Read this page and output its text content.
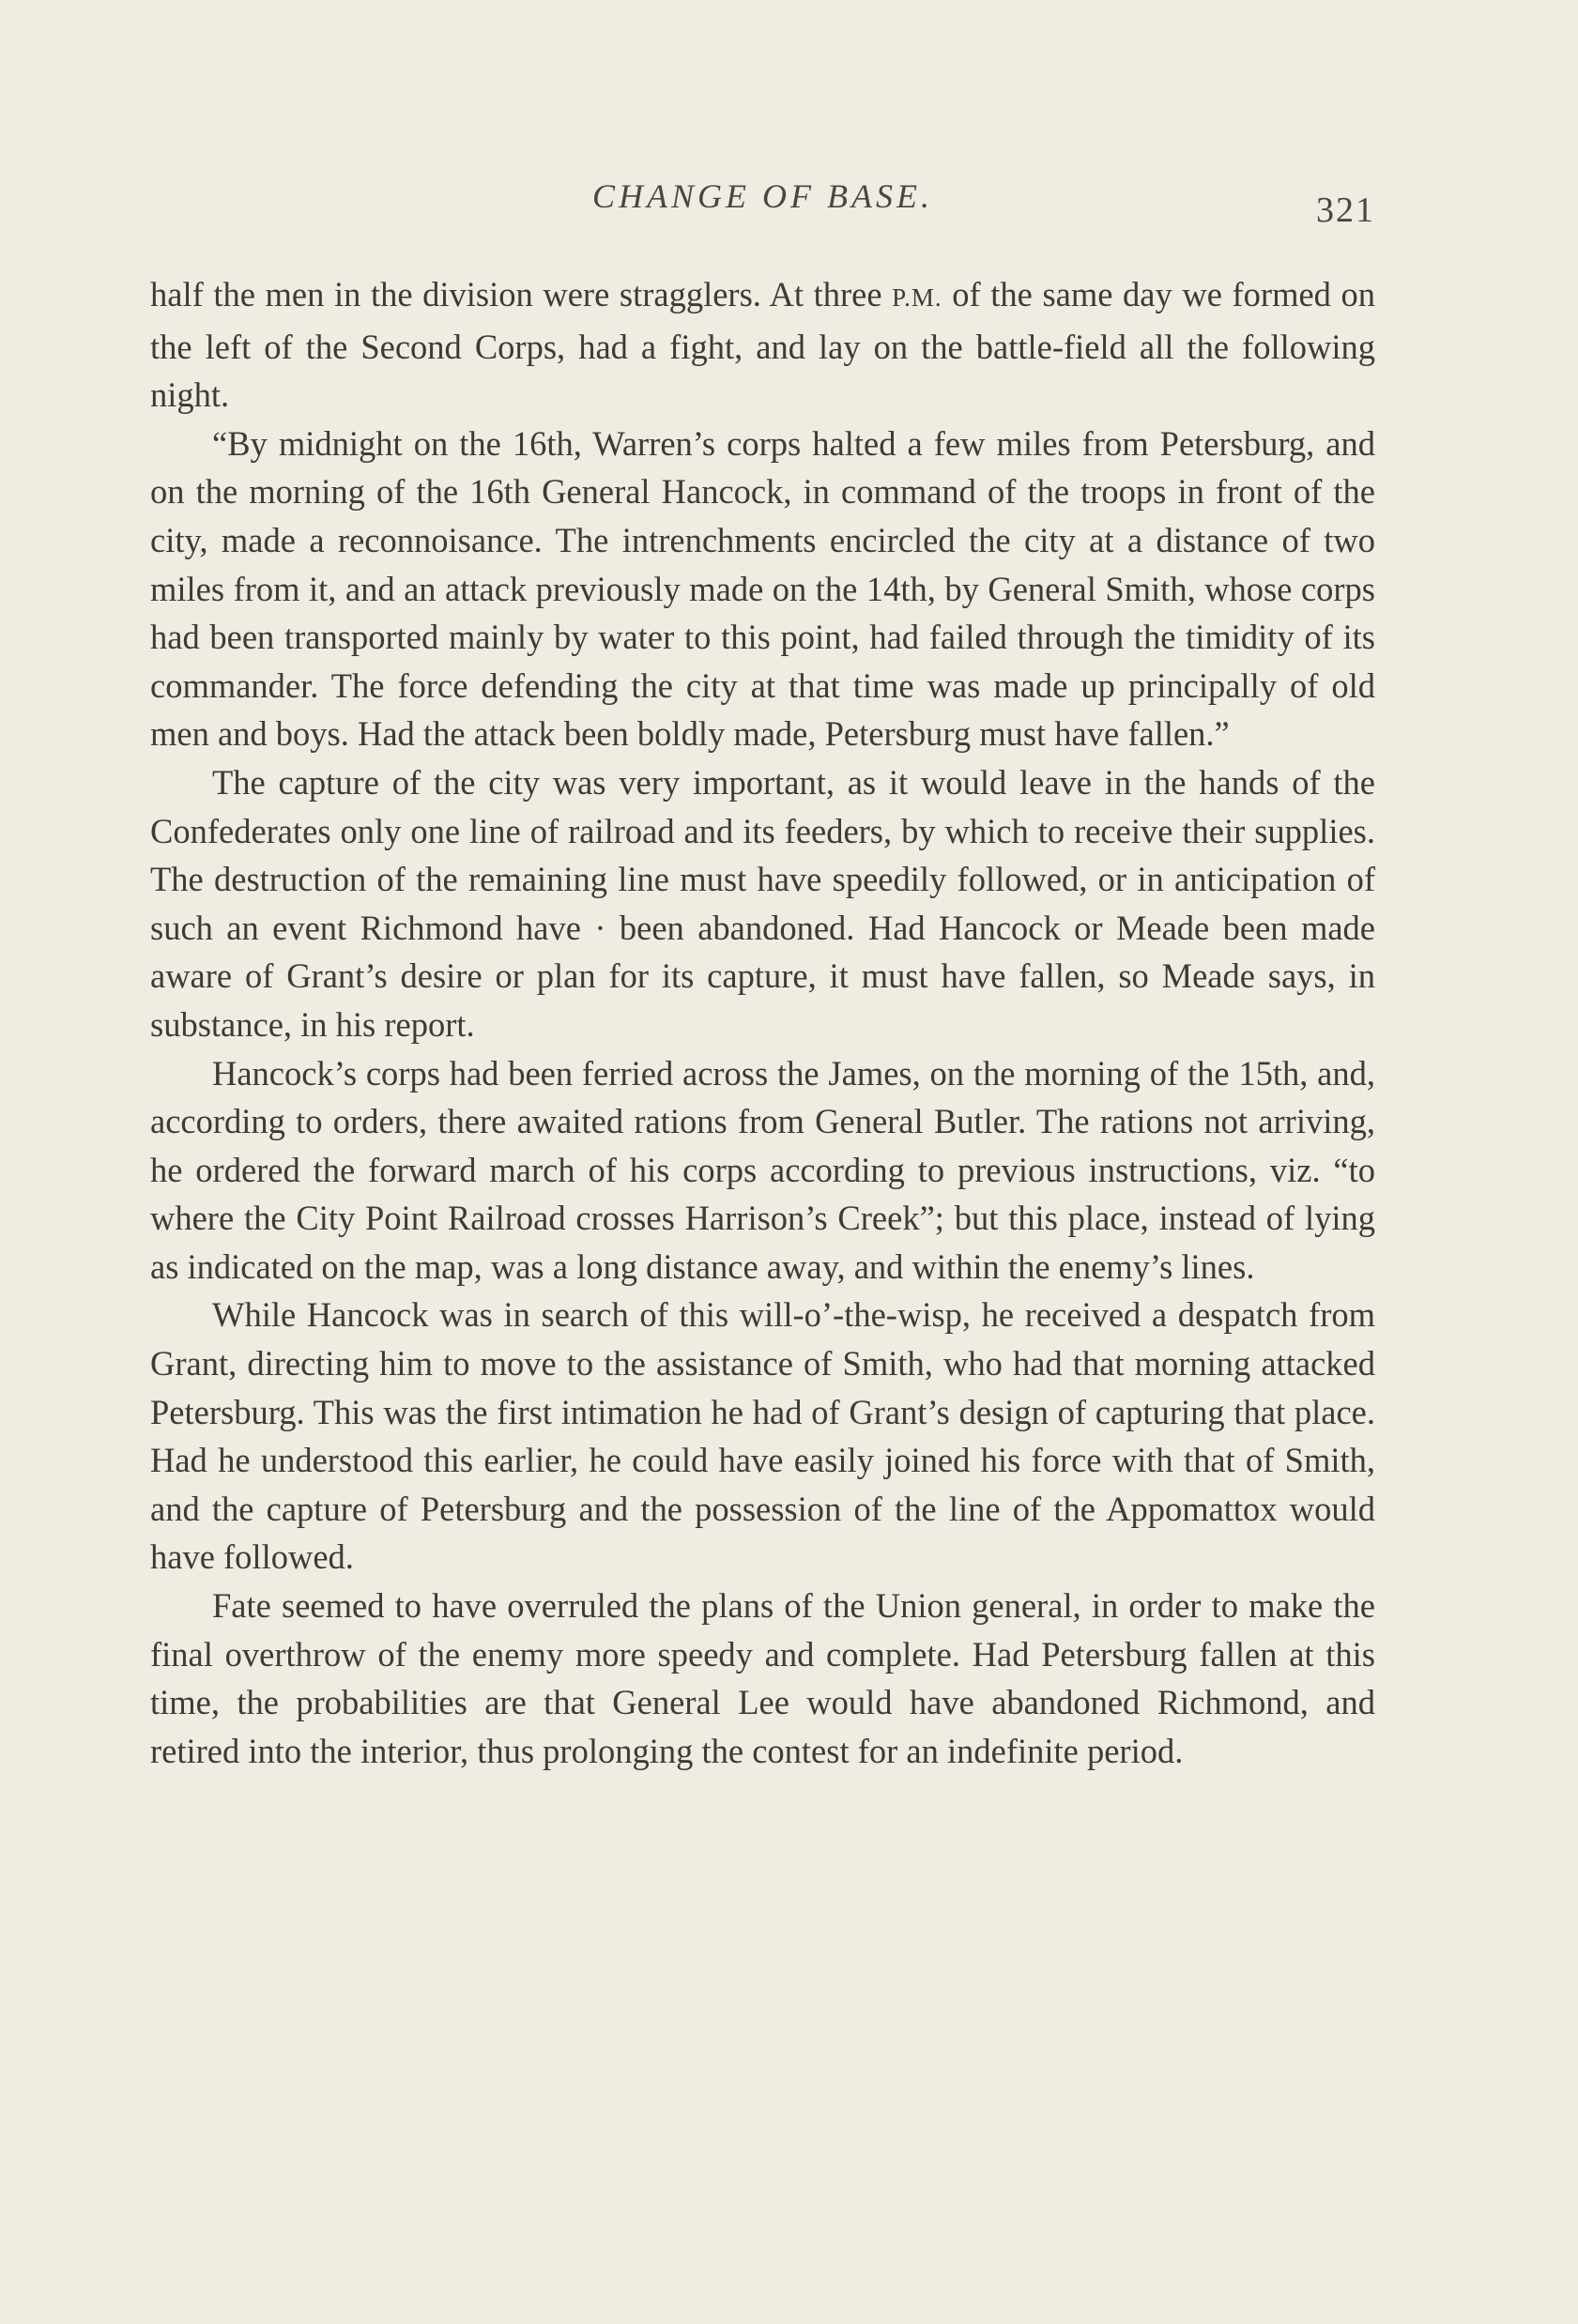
CHANGE OF BASE.	321

half the men in the division were stragglers. At three P.M. of the same day we formed on the left of the Second Corps, had a fight, and lay on the battle-field all the following night.

“By midnight on the 16th, Warren’s corps halted a few miles from Petersburg, and on the morning of the 16th General Hancock, in command of the troops in front of the city, made a reconnoisance. The intrenchments encircled the city at a distance of two miles from it, and an attack previously made on the 14th, by General Smith, whose corps had been transported mainly by water to this point, had failed through the timidity of its commander. The force defending the city at that time was made up principally of old men and boys. Had the attack been boldly made, Petersburg must have fallen.”

The capture of the city was very important, as it would leave in the hands of the Confederates only one line of railroad and its feeders, by which to receive their supplies. The destruction of the remaining line must have speedily followed, or in anticipation of such an event Richmond have · been abandoned. Had Hancock or Meade been made aware of Grant’s desire or plan for its capture, it must have fallen, so Meade says, in substance, in his report.

Hancock’s corps had been ferried across the James, on the morning of the 15th, and, according to orders, there awaited rations from General Butler. The rations not arriving, he ordered the forward march of his corps according to previous instructions, viz. “to where the City Point Railroad crosses Harrison’s Creek”; but this place, instead of lying as indicated on the map, was a long distance away, and within the enemy’s lines.

While Hancock was in search of this will-o’-the-wisp, he received a despatch from Grant, directing him to move to the assistance of Smith, who had that morning attacked Petersburg. This was the first intimation he had of Grant’s design of capturing that place. Had he understood this earlier, he could have easily joined his force with that of Smith, and the capture of Petersburg and the possession of the line of the Appomattox would have followed.

Fate seemed to have overruled the plans of the Union general, in order to make the final overthrow of the enemy more speedy and complete. Had Petersburg fallen at this time, the probabilities are that General Lee would have abandoned Richmond, and retired into the interior, thus prolonging the contest for an indefinite period.
